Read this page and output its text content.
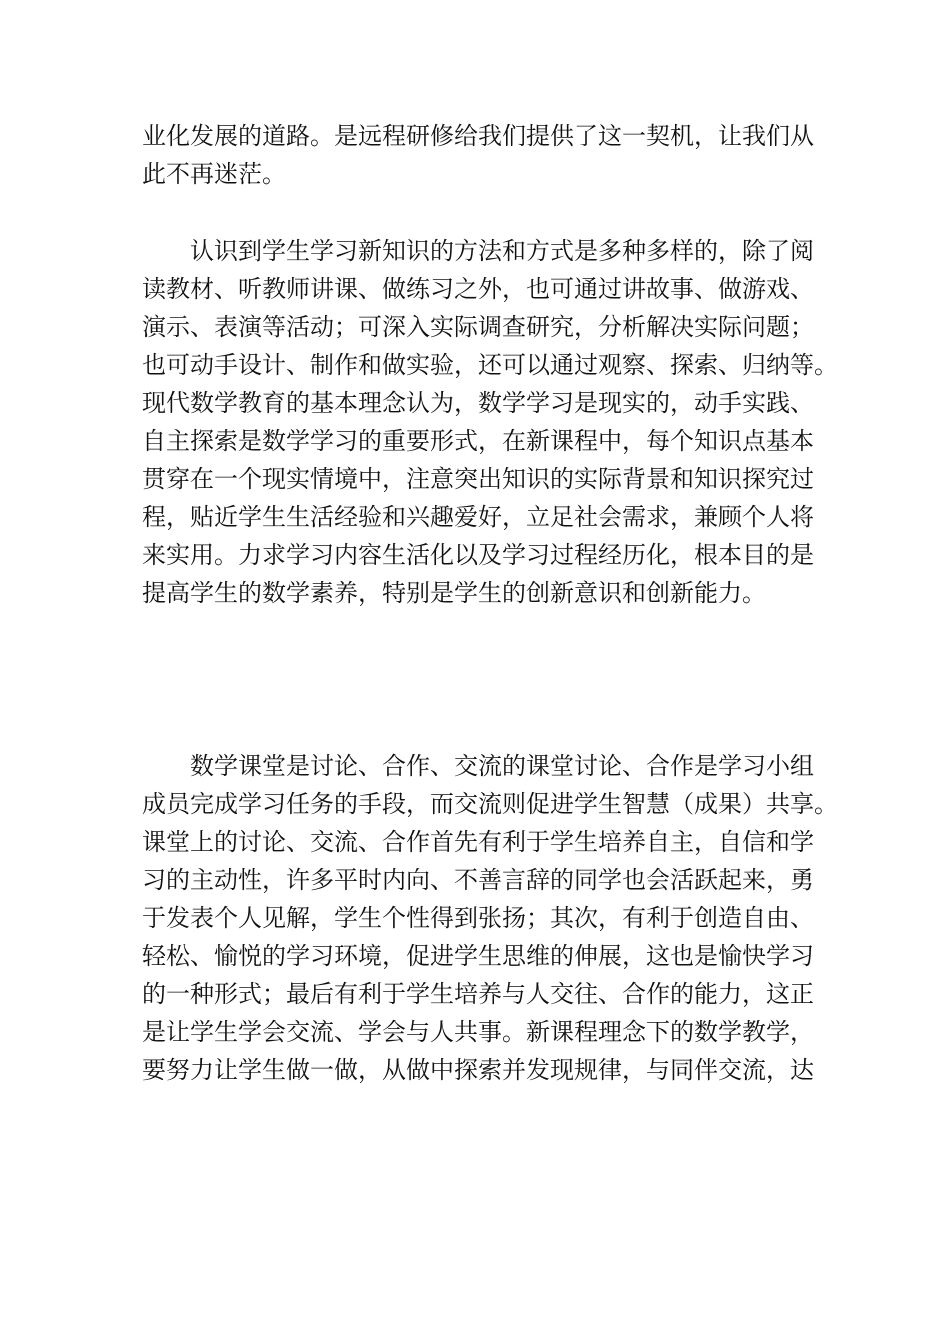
业化发展的道路。是远程研修给我们提供了这一契机，让我们从
此不再迷茫。
认识到学生学习新知识的方法和方式是多种多样的，除了阅
读教材、听教师讲课、做练习之外，也可通过讲故事、做游戏、
演示、表演等活动；可深入实际调查研究，分析解决实际问题；
也可动手设计、制作和做实验，还可以通过观察、探索、归纳等。
现代数学教育的基本理念认为，数学学习是现实的，动手实践、
自主探索是数学学习的重要形式，在新课程中，每个知识点基本
贯穿在一个现实情境中，注意突出知识的实际背景和知识探究过
程，贴近学生生活经验和兴趣爱好，立足社会需求，兼顾个人将
来实用。力求学习内容生活化以及学习过程经历化，根本目的是
提高学生的数学素养，特别是学生的创新意识和创新能力。
数学课堂是讨论、合作、交流的课堂讨论、合作是学习小组
成员完成学习任务的手段，而交流则促进学生智慧（成果）共享。
课堂上的讨论、交流、合作首先有利于学生培养自主，自信和学
习的主动性，许多平时内向、不善言辞的同学也会活跃起来，勇
于发表个人见解，学生个性得到张扬；其次，有利于创造自由、
轻松、愉悦的学习环境，促进学生思维的伸展，这也是愉快学习
的一种形式；最后有利于学生培养与人交往、合作的能力，这正
是让学生学会交流、学会与人共事。新课程理念下的数学教学，
要努力让学生做一做，从做中探索并发现规律，与同伴交流，达
